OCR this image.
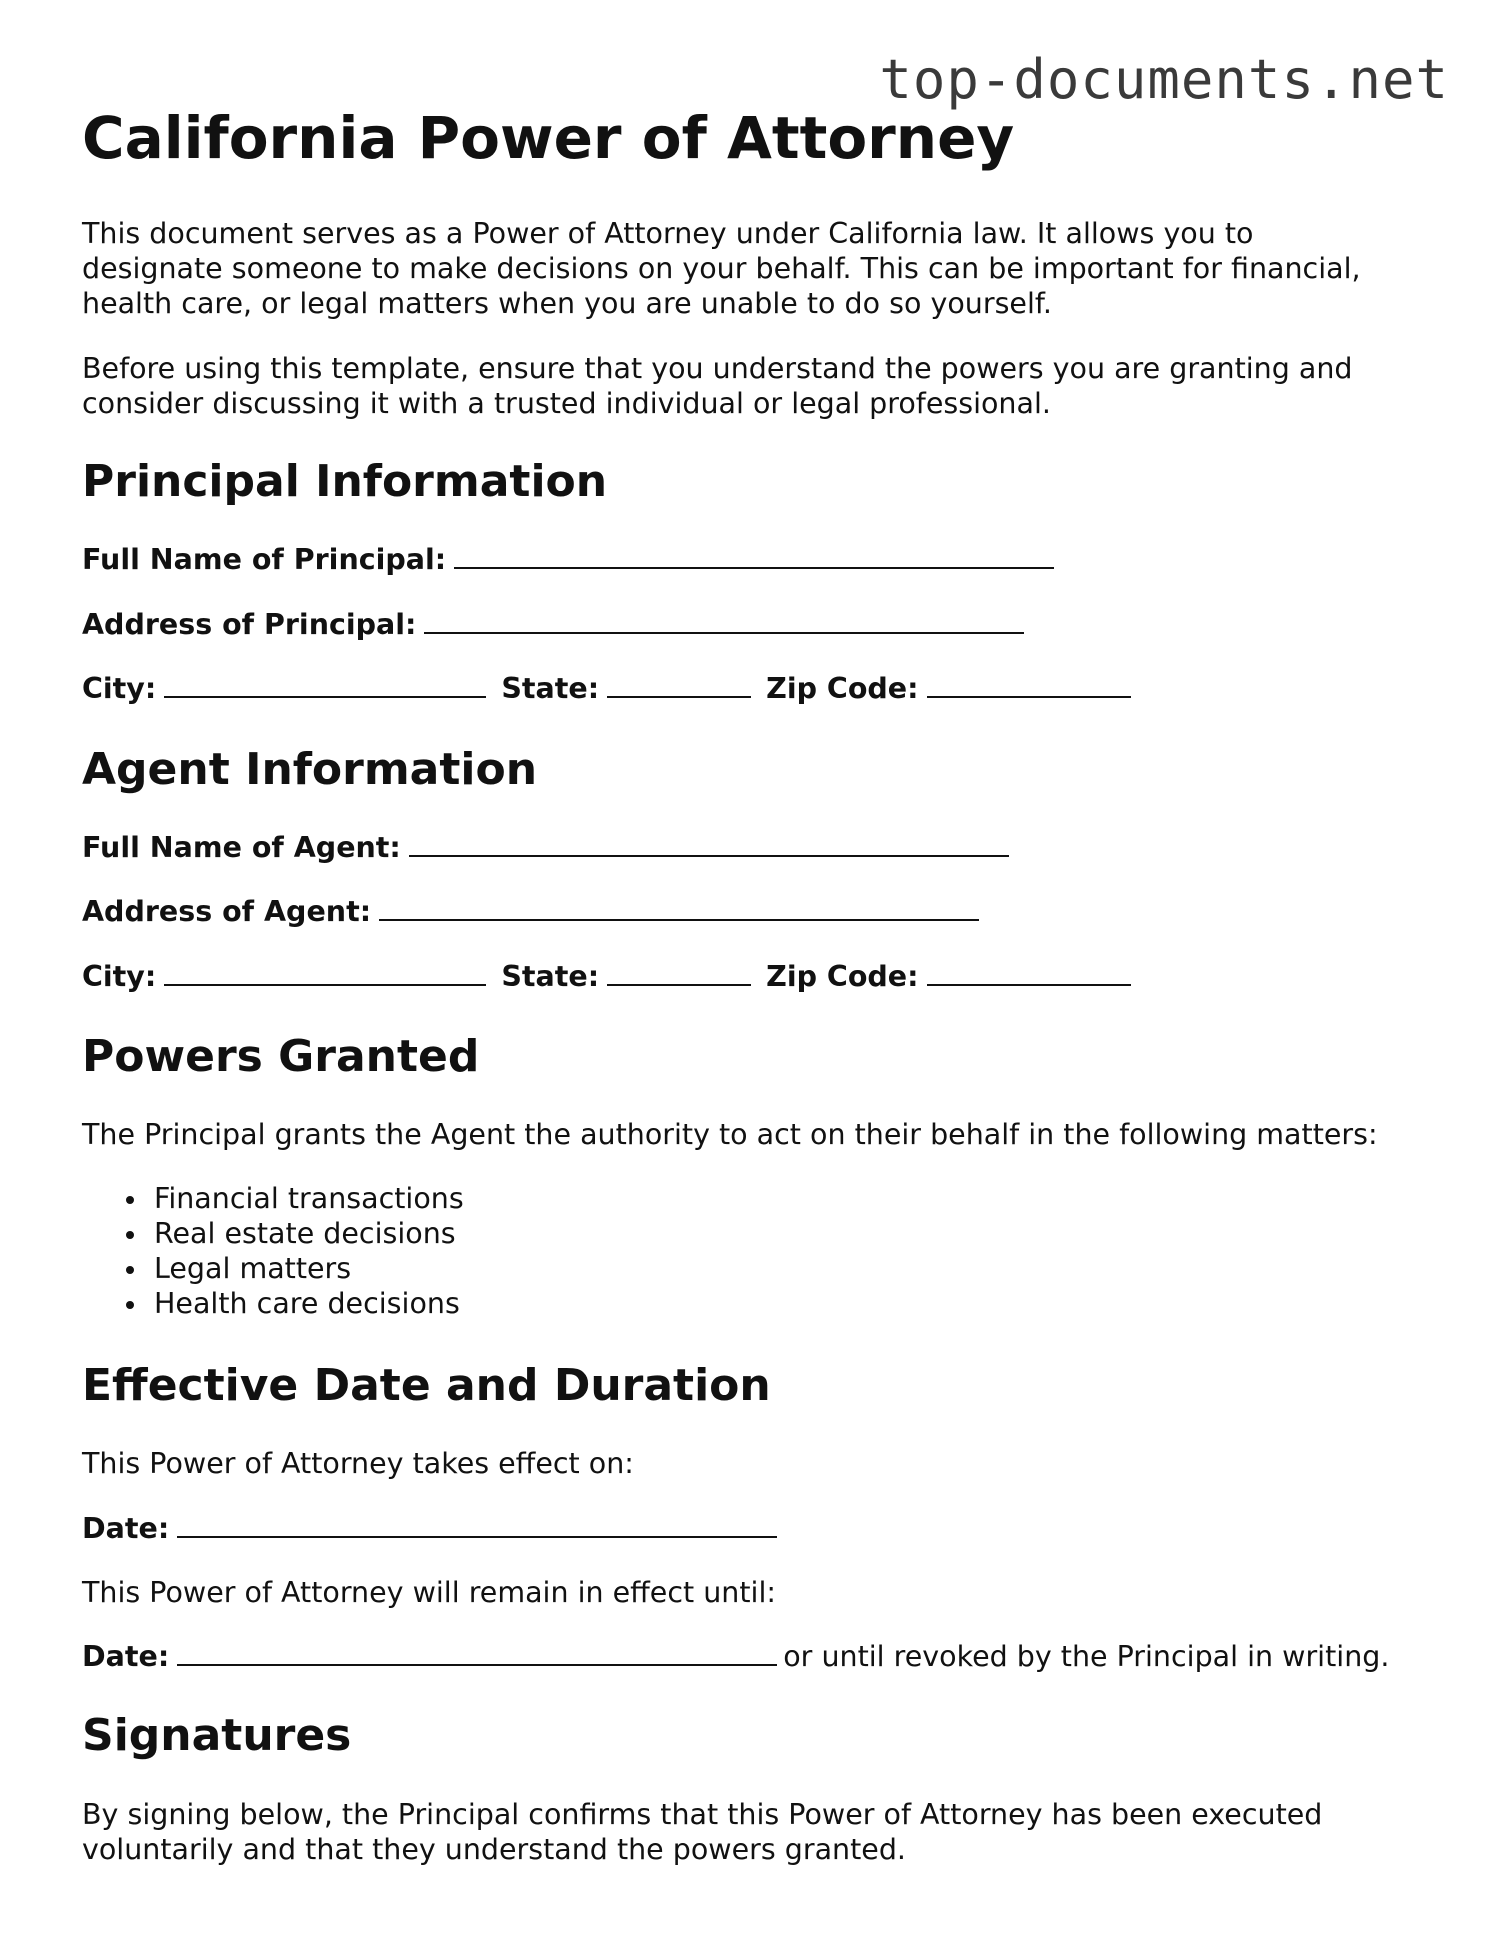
top-documents.net
California Power of Attorney
This document serves as a Power of Attorney under California law. It allows you to
designate someone to make decisions on your behalf. This can be important for financial,
health care, or legal matters when you are unable to do so yourself.
Before using this template, ensure that you understand the powers you are granting and
consider discussing it with a trusted individual or legal professional.
Principal Information
Full Name of Principal:
Address of Principal:
City:	State:	Zip Code:
Agent Information
Full Name of Agent:
Address of Agent:
City:	State:	Zip Code:
Powers Granted
The Principal grants the Agent the authority to act on their behalf in the following matters:
Financial transactions
Real estate decisions
Legal matters
Health care decisions
Effective Date and Duration
This Power of Attorney takes effect on:
Date:
This Power of Attorney will remain in effect until:
Date:	or until revoked by the Principal in writing.
Signatures
By signing below, the Principal confirms that this Power of Attorney has been executed
voluntarily and that they understand the powers granted.
